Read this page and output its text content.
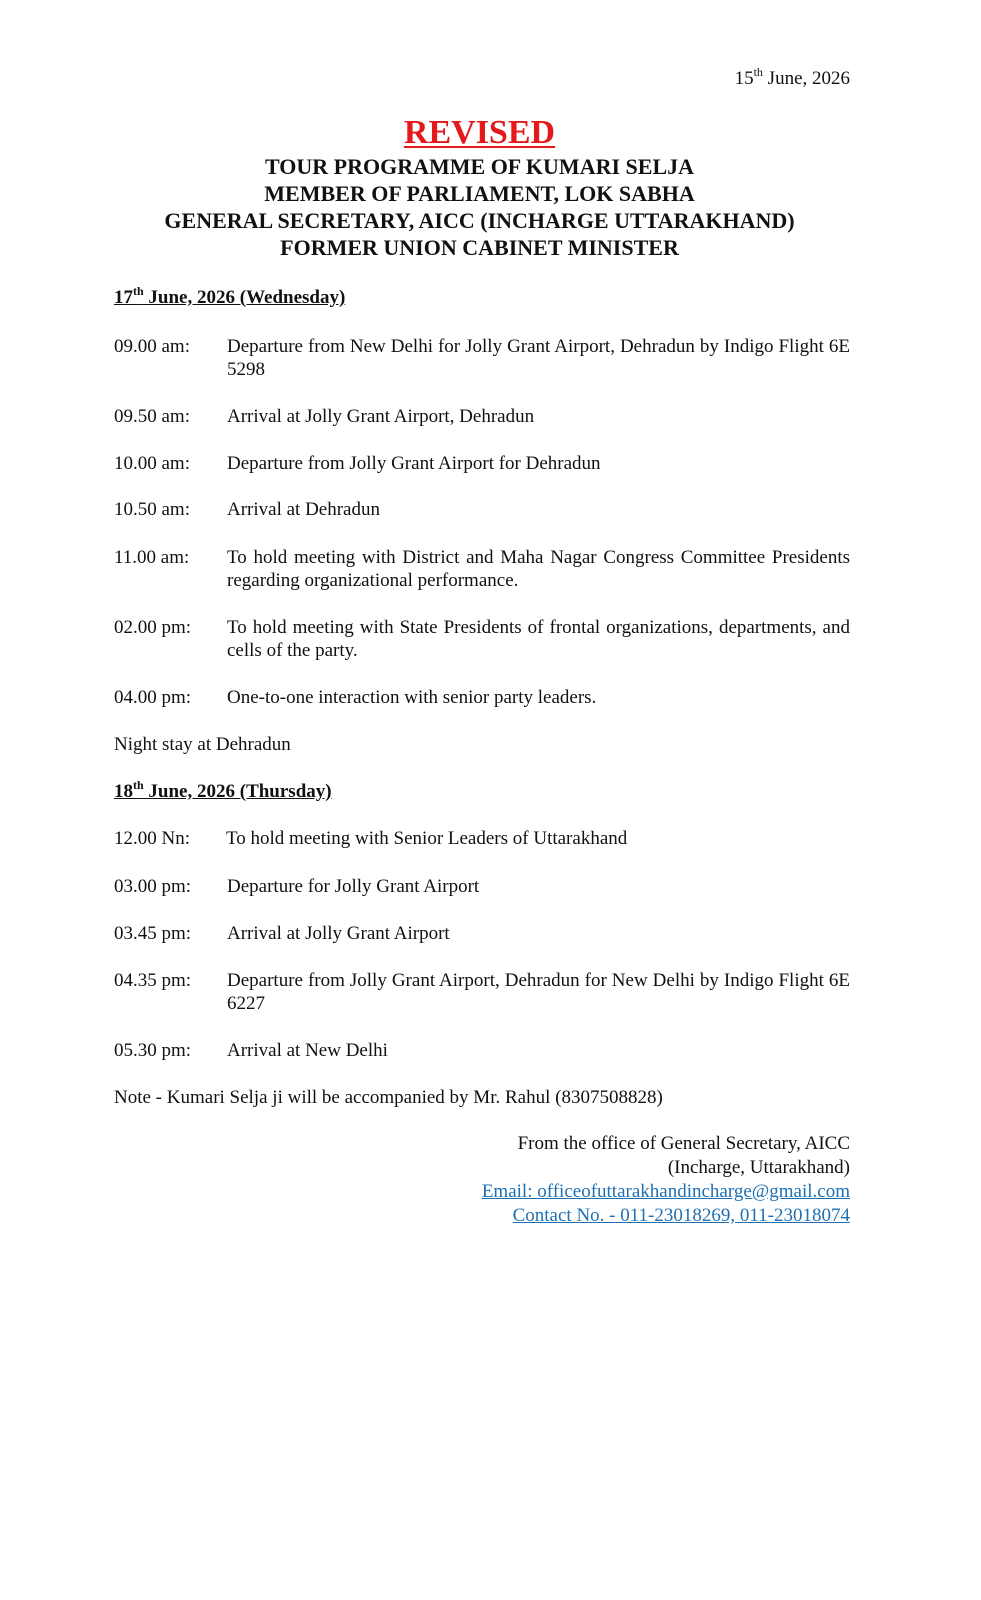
15th June, 2026
REVISED
TOUR PROGRAMME OF KUMARI SELJA
MEMBER OF PARLIAMENT, LOK SABHA
GENERAL SECRETARY, AICC (INCHARGE UTTARAKHAND)
FORMER UNION CABINET MINISTER
17th June, 2026 (Wednesday)
09.00 am:	Departure from New Delhi for Jolly Grant Airport, Dehradun by Indigo Flight 6E 5298
09.50 am:	Arrival at Jolly Grant Airport, Dehradun
10.00 am:	Departure from Jolly Grant Airport for Dehradun
10.50 am:	Arrival at Dehradun
11.00 am:	To hold meeting with District and Maha Nagar Congress Committee Presidents regarding organizational performance.
02.00 pm:	To hold meeting with State Presidents of frontal organizations, departments, and cells of the party.
04.00 pm:	One-to-one interaction with senior party leaders.
Night stay at Dehradun
18th June, 2026 (Thursday)
12.00 Nn:	To hold meeting with Senior Leaders of Uttarakhand
03.00 pm:	Departure for Jolly Grant Airport
03.45 pm:	Arrival at Jolly Grant Airport
04.35 pm:	Departure from Jolly Grant Airport, Dehradun for New Delhi by Indigo Flight 6E 6227
05.30 pm:	Arrival at New Delhi
Note - Kumari Selja ji will be accompanied by Mr. Rahul (8307508828)
From the office of General Secretary, AICC
(Incharge, Uttarakhand)
Email: officeofuttarakhandincharge@gmail.com
Contact No. - 011-23018269, 011-23018074
